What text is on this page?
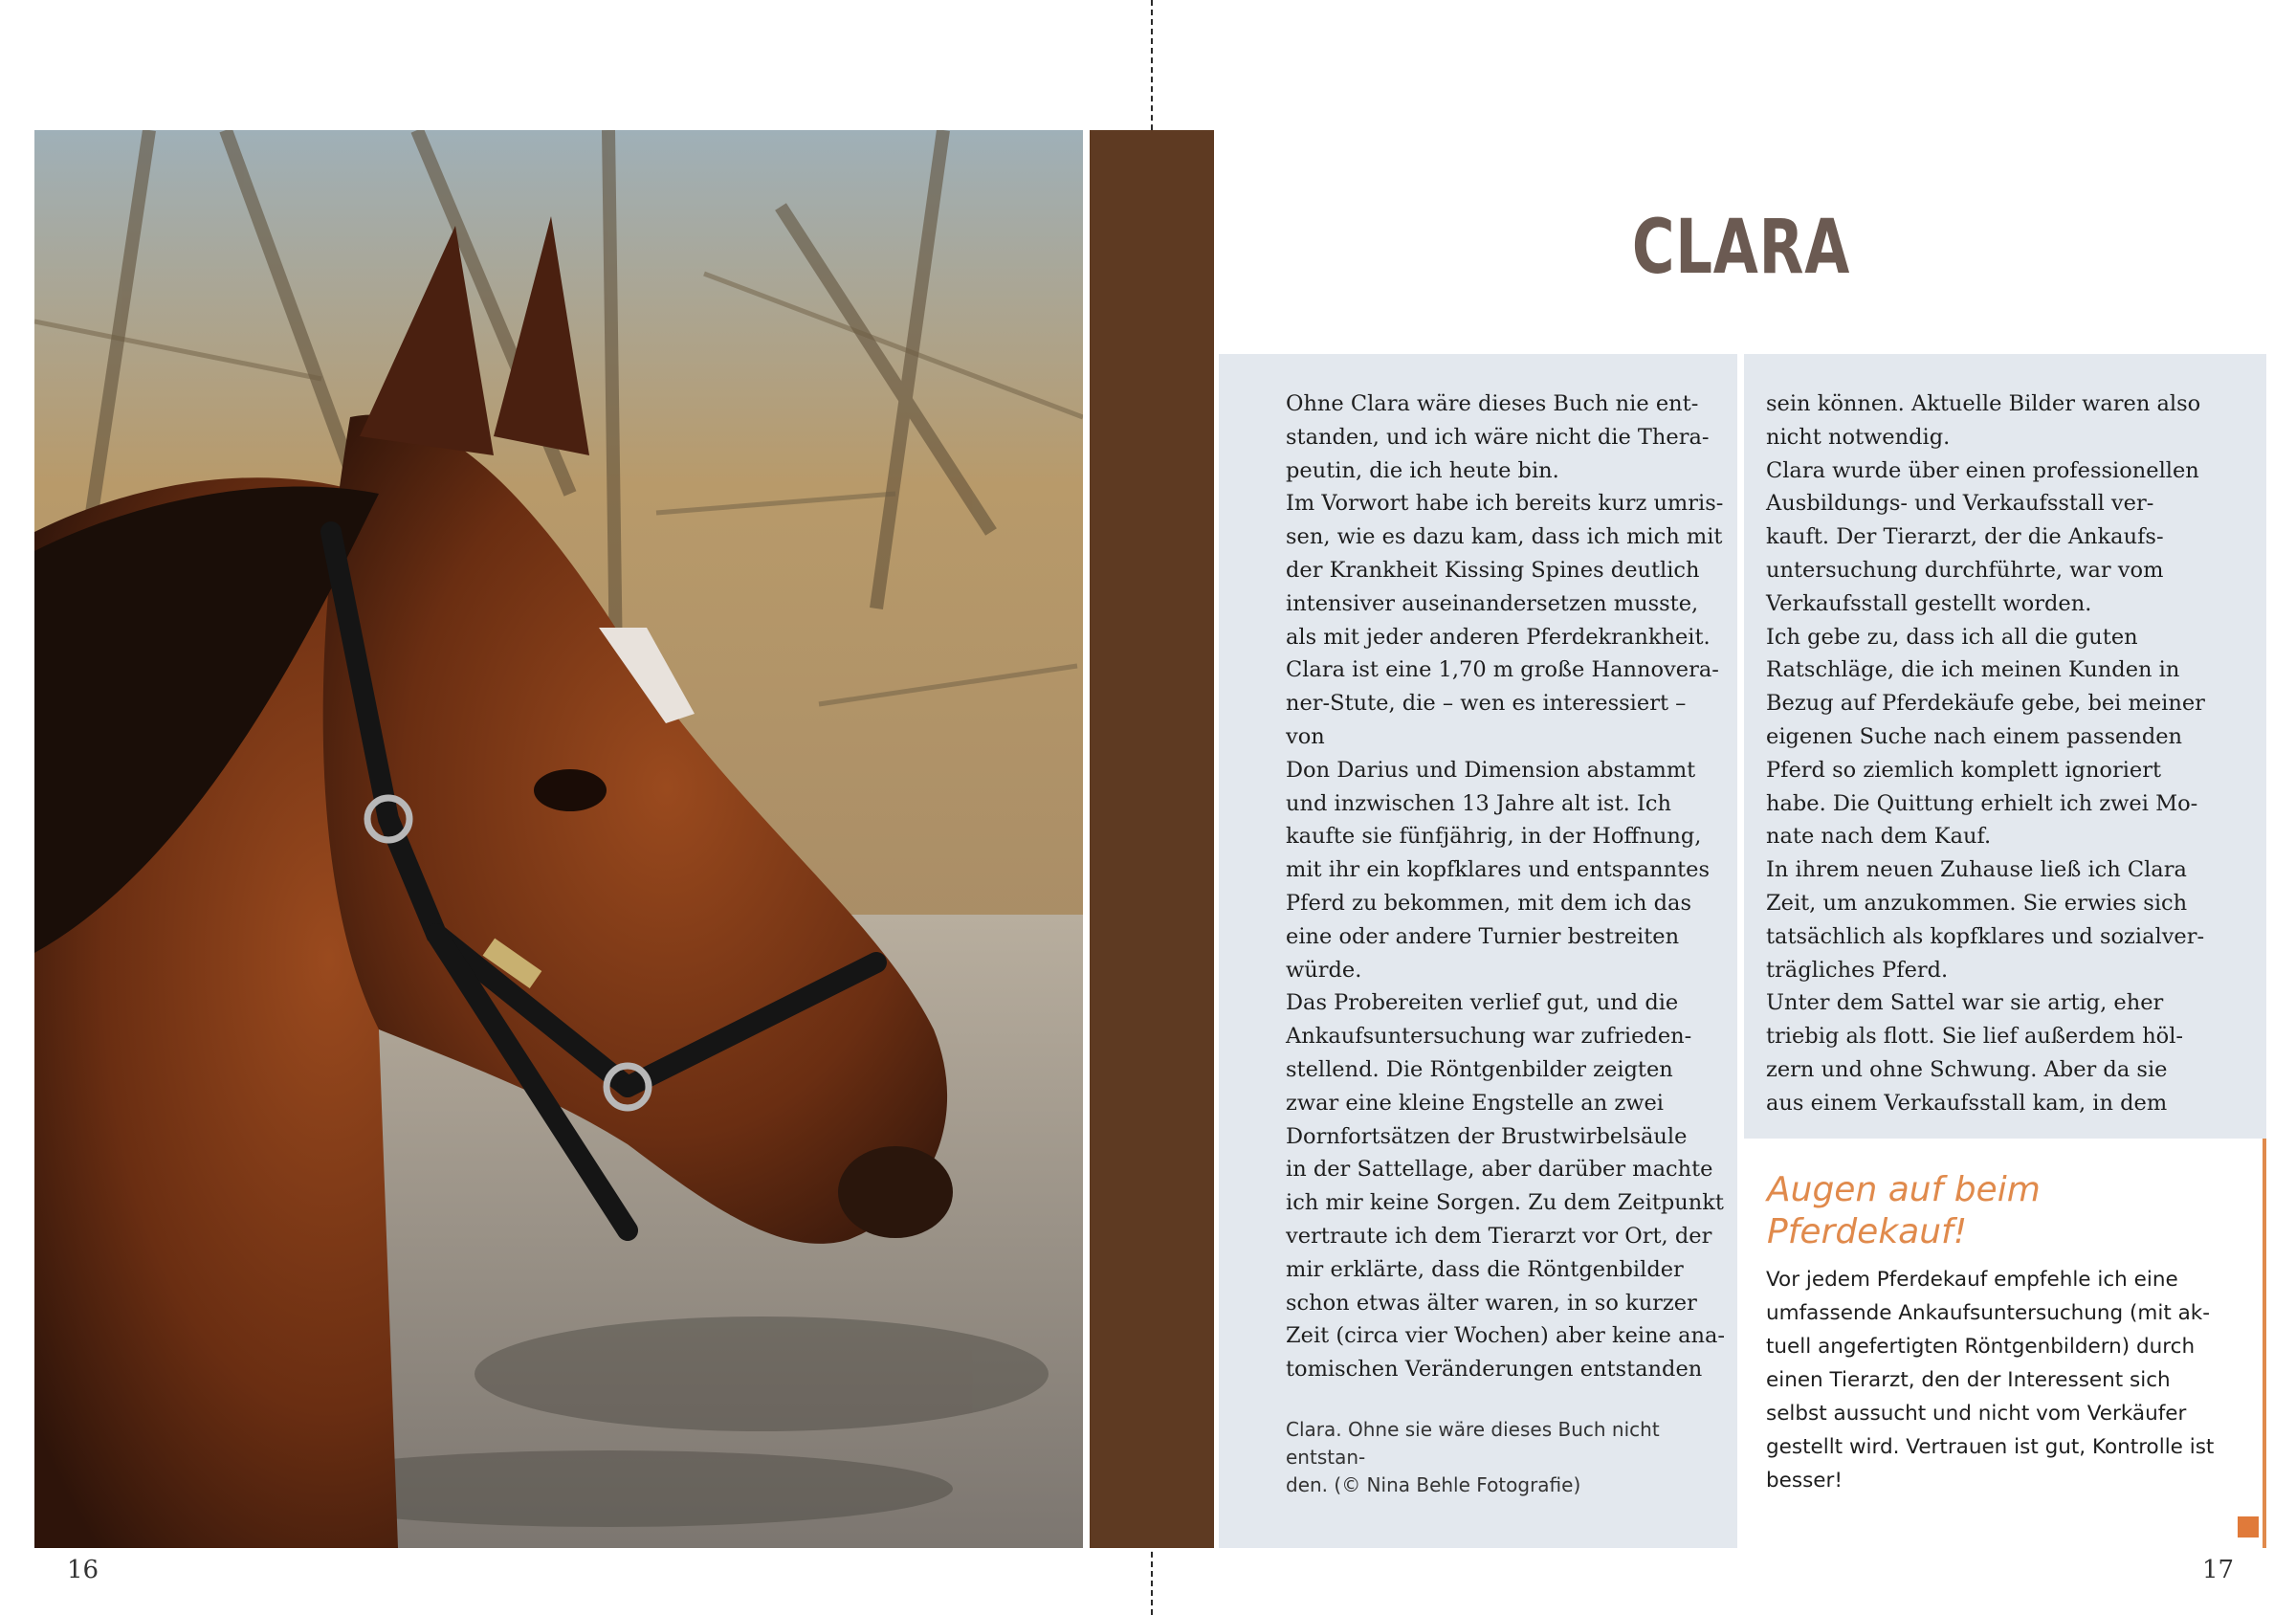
CLARA
Ohne Clara wäre dieses Buch nie ent-
standen, und ich wäre nicht die Thera-
peutin, die ich heute bin.
Im Vorwort habe ich bereits kurz umris-
sen, wie es dazu kam, dass ich mich mit
der Krankheit Kissing Spines deutlich
intensiver auseinandersetzen musste,
als mit jeder anderen Pferdekrankheit.
Clara ist eine 1,70 m große Hannovera-
ner-Stute, die – wen es interessiert – von
Don Darius und Dimension abstammt
und inzwischen 13 Jahre alt ist. Ich
kaufte sie fünfjährig, in der Hoffnung,
mit ihr ein kopfklares und entspanntes
Pferd zu bekommen, mit dem ich das
eine oder andere Turnier bestreiten
würde.
Das Probereiten verlief gut, und die
Ankaufsuntersuchung war zufrieden-
stellend. Die Röntgenbilder zeigten
zwar eine kleine Engstelle an zwei
Dornfortsätzen der Brustwirbelsäule
in der Sattellage, aber darüber machte
ich mir keine Sorgen. Zu dem Zeitpunkt
vertraute ich dem Tierarzt vor Ort, der
mir erklärte, dass die Röntgenbilder
schon etwas älter waren, in so kurzer
Zeit (circa vier Wochen) aber keine ana-
tomischen Veränderungen entstanden
Clara. Ohne sie wäre dieses Buch nicht entstan-
den. (© Nina Behle Fotografie)
sein können. Aktuelle Bilder waren also
nicht notwendig.
Clara wurde über einen professionellen
Ausbildungs- und Verkaufsstall ver-
kauft. Der Tierarzt, der die Ankaufs-
untersuchung durchführte, war vom
Verkaufsstall gestellt worden.
Ich gebe zu, dass ich all die guten
Ratschläge, die ich meinen Kunden in
Bezug auf Pferdekäufe gebe, bei meiner
eigenen Suche nach einem passenden
Pferd so ziemlich komplett ignoriert
habe. Die Quittung erhielt ich zwei Mo-
nate nach dem Kauf.
In ihrem neuen Zuhause ließ ich Clara
Zeit, um anzukommen. Sie erwies sich
tatsächlich als kopfklares und sozialver-
trägliches Pferd.
Unter dem Sattel war sie artig, eher
triebig als flott. Sie lief außerdem höl-
zern und ohne Schwung. Aber da sie
aus einem Verkaufsstall kam, in dem
Augen auf beim
Pferdekauf!
Vor jedem Pferdekauf empfehle ich eine
umfassende Ankaufsuntersuchung (mit ak-
tuell angefertigten Röntgenbildern) durch
einen Tierarzt, den der Interessent sich
selbst aussucht und nicht vom Verkäufer
gestellt wird. Vertrauen ist gut, Kontrolle ist
besser!
16	17
